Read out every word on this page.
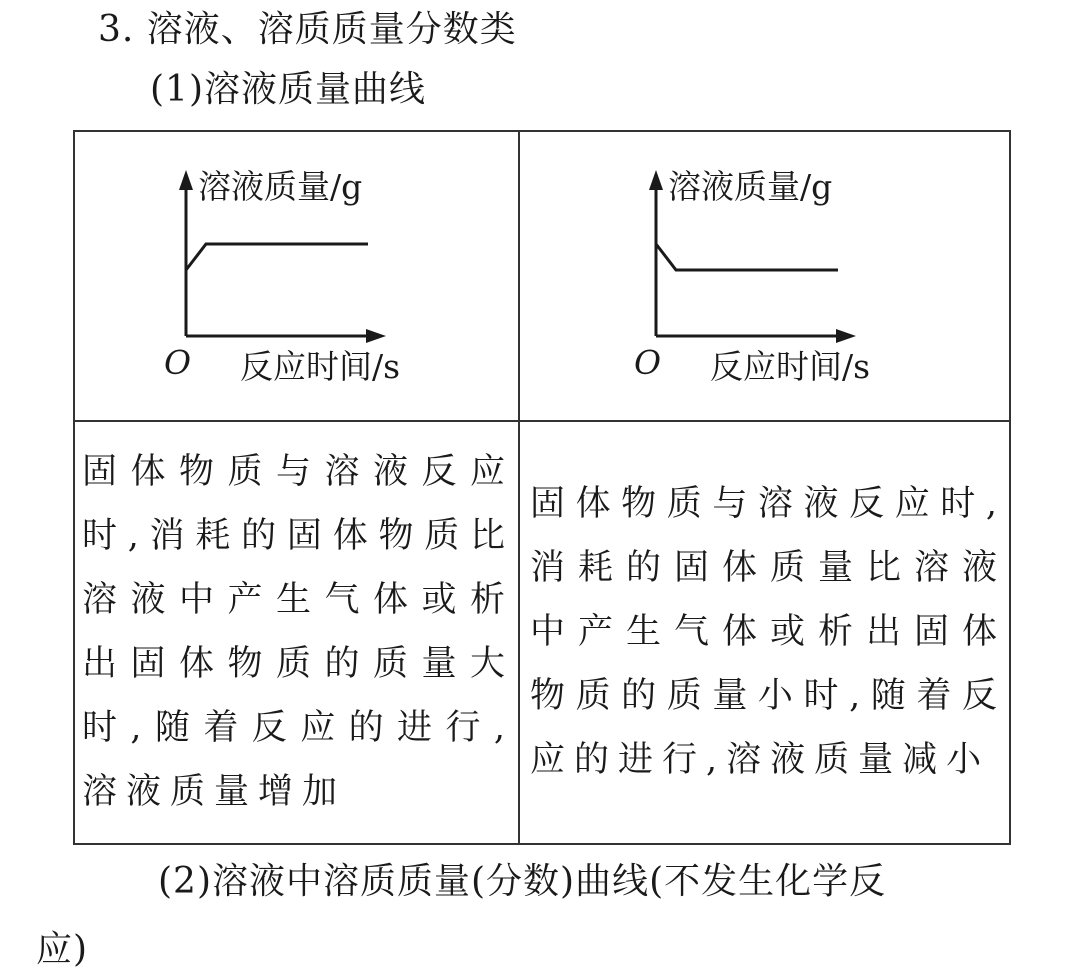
3. 溶液、溶质质量分数类
(1)溶液质量曲线
溶液质量/g
O 反应时间/s
溶液质量/g
O 反应时间/s
固体物质与溶液反应时,消耗的固体物质比溶液中产生气体或析出固体物质的质量大时,随着反应的进行,溶液质量增加
固体物质与溶液反应时,消耗的固体质量比溶液中产生气体或析出固体物质的质量小时,随着反应的进行,溶液质量减小
(2)溶液中溶质质量(分数)曲线(不发生化学反
应)
